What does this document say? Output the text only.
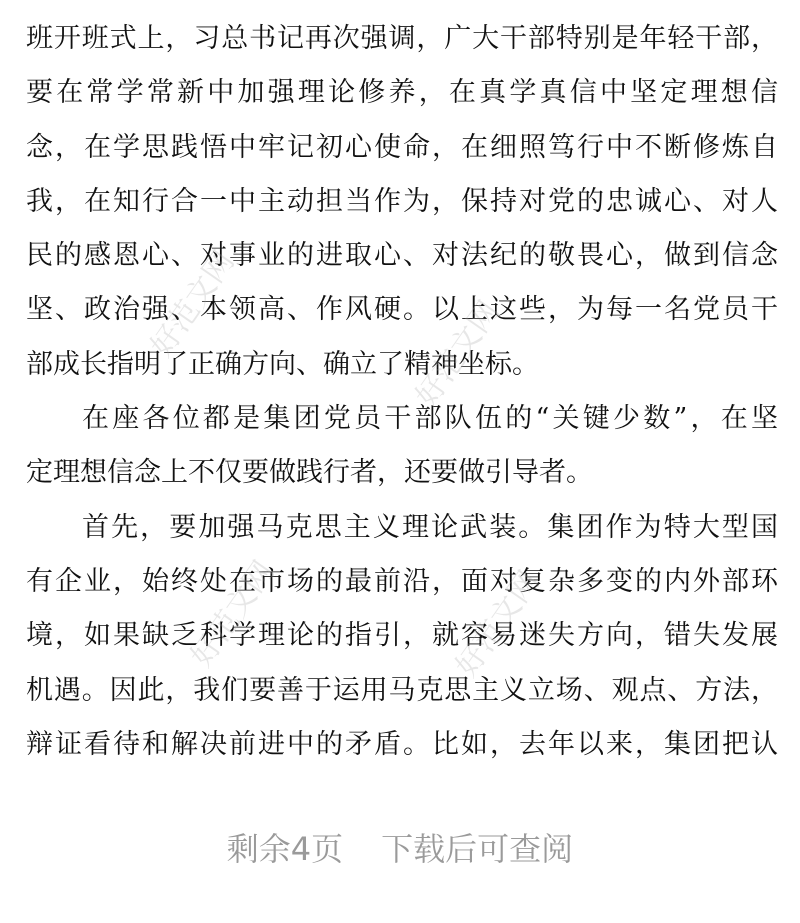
班开班式上，习总书记再次强调，广大干部特别是年轻干部，
要在常学常新中加强理论修养，在真学真信中坚定理想信
念，在学思践悟中牢记初心使命，在细照笃行中不断修炼自
我，在知行合一中主动担当作为，保持对党的忠诚心、对人
民的感恩心、对事业的进取心、对法纪的敬畏心，做到信念
坚、政治强、本领高、作风硬。以上这些，为每一名党员干
部成长指明了正确方向、确立了精神坐标。
在座各位都是集团党员干部队伍的“关键少数”，在坚
定理想信念上不仅要做践行者，还要做引导者。
首先，要加强马克思主义理论武装。集团作为特大型国
有企业，始终处在市场的最前沿，面对复杂多变的内外部环
境，如果缺乏科学理论的指引，就容易迷失方向，错失发展
机遇。因此，我们要善于运用马克思主义立场、观点、方法，
辩证看待和解决前进中的矛盾。比如，去年以来，集团把认
好范文网	好范文网
好范文网	好范文网
剩余4页 下载后可查阅
